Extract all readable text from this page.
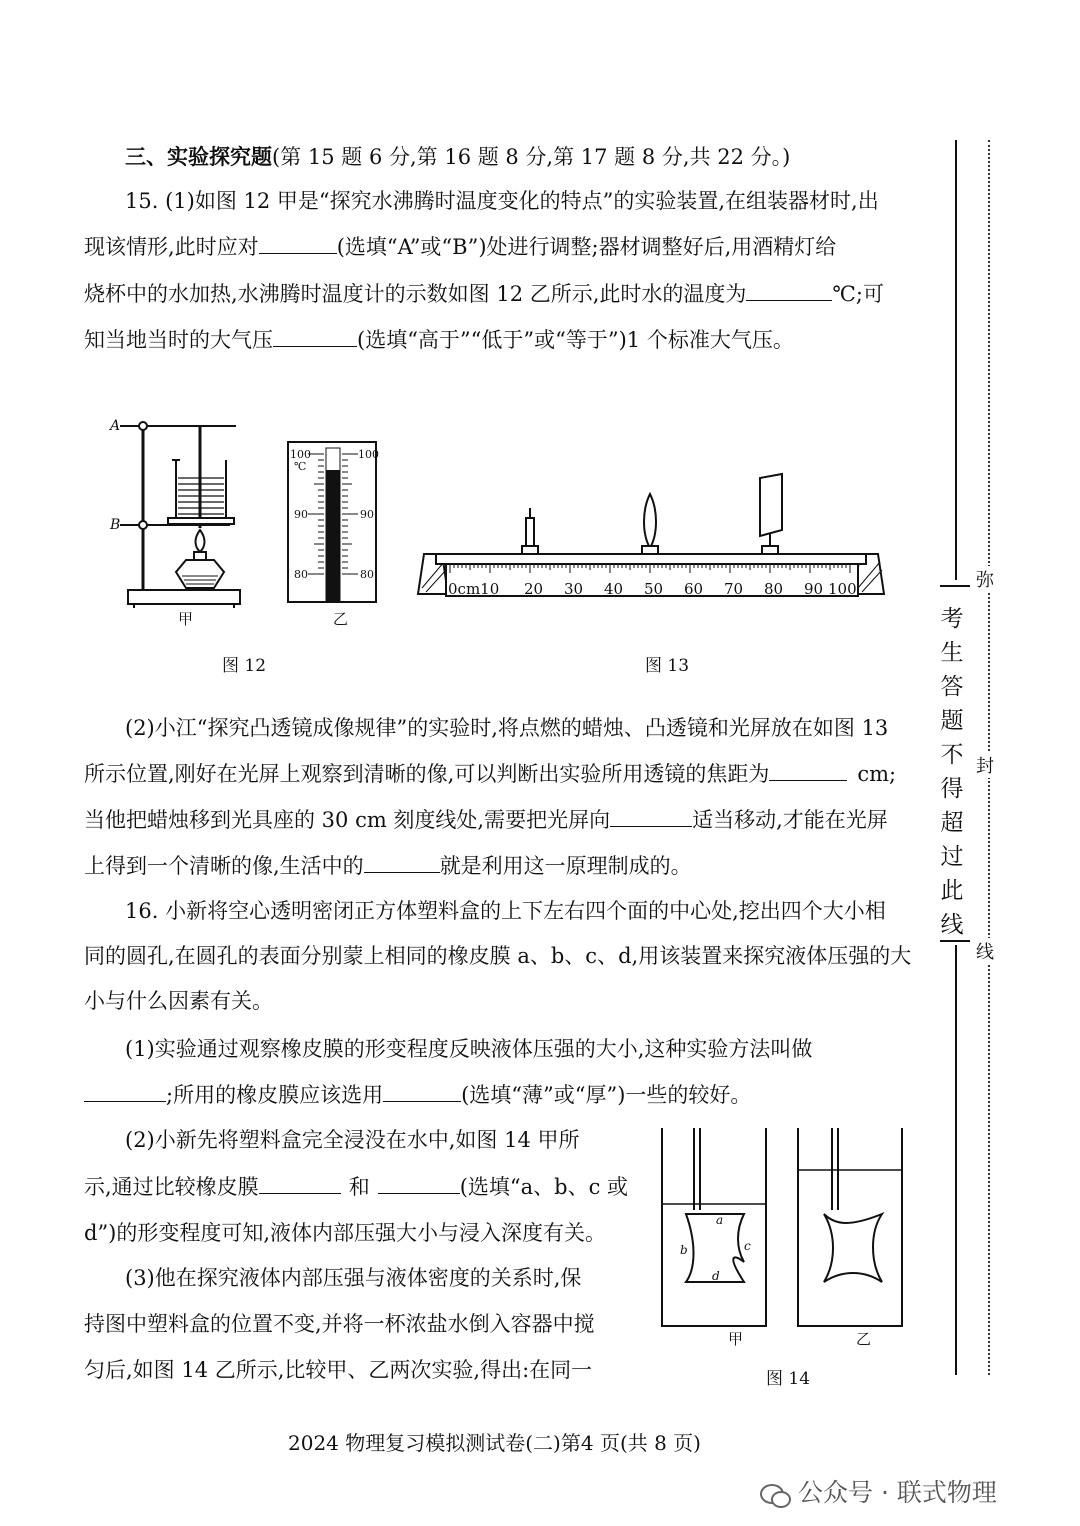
三、实验探究题(第 15 题 6 分,第 16 题 8 分,第 17 题 8 分,共 22 分。)
15. (1)如图 12 甲是“探究水沸腾时温度变化的特点”的实验装置,在组装器材时,出
现该情形,此时应对	(选填“A”或“B”)处进行调整;器材调整好后,用酒精灯给
烧杯中的水加热,水沸腾时温度计的示数如图 12 乙所示,此时水的温度为	℃;可
知当地当时的大气压	(选填“高于”“低于”或“等于”)1 个标准大气压。
A
B
甲
100
℃
90
80
100
90
80
乙
图 12
0cm10 20 30 40 50 60 70 80 90 100
图 13
(2)小江“探究凸透镜成像规律”的实验时,将点燃的蜡烛、凸透镜和光屏放在如图 13
所示位置,刚好在光屏上观察到清晰的像,可以判断出实验所用透镜的焦距为	cm;
当他把蜡烛移到光具座的 30 cm 刻度线处,需要把光屏向	适当移动,才能在光屏
上得到一个清晰的像,生活中的	就是利用这一原理制成的。
16. 小新将空心透明密闭正方体塑料盒的上下左右四个面的中心处,挖出四个大小相
同的圆孔,在圆孔的表面分别蒙上相同的橡皮膜 a、b、c、d,用该装置来探究液体压强的大
小与什么因素有关。
(1)实验通过观察橡皮膜的形变程度反映液体压强的大小,这种实验方法叫做
;所用的橡皮膜应该选用	(选填“薄”或“厚”)一些的较好。
(2)小新先将塑料盒完全浸没在水中,如图 14 甲所
示,通过比较橡皮膜	和	(选填“a、b、c 或
d”)的形变程度可知,液体内部压强大小与浸入深度有关。
(3)他在探究液体内部压强与液体密度的关系时,保
持图中塑料盒的位置不变,并将一杯浓盐水倒入容器中搅
匀后,如图 14 乙所示,比较甲、乙两次实验,得出:在同一
a
b	c
d
甲	乙
图 14
2024 物理复习模拟测试卷(二)第4 页(共 8 页)
公众号 · 联式物理
考
生
答
题
不
得
超
过
此
线
弥
封
线
